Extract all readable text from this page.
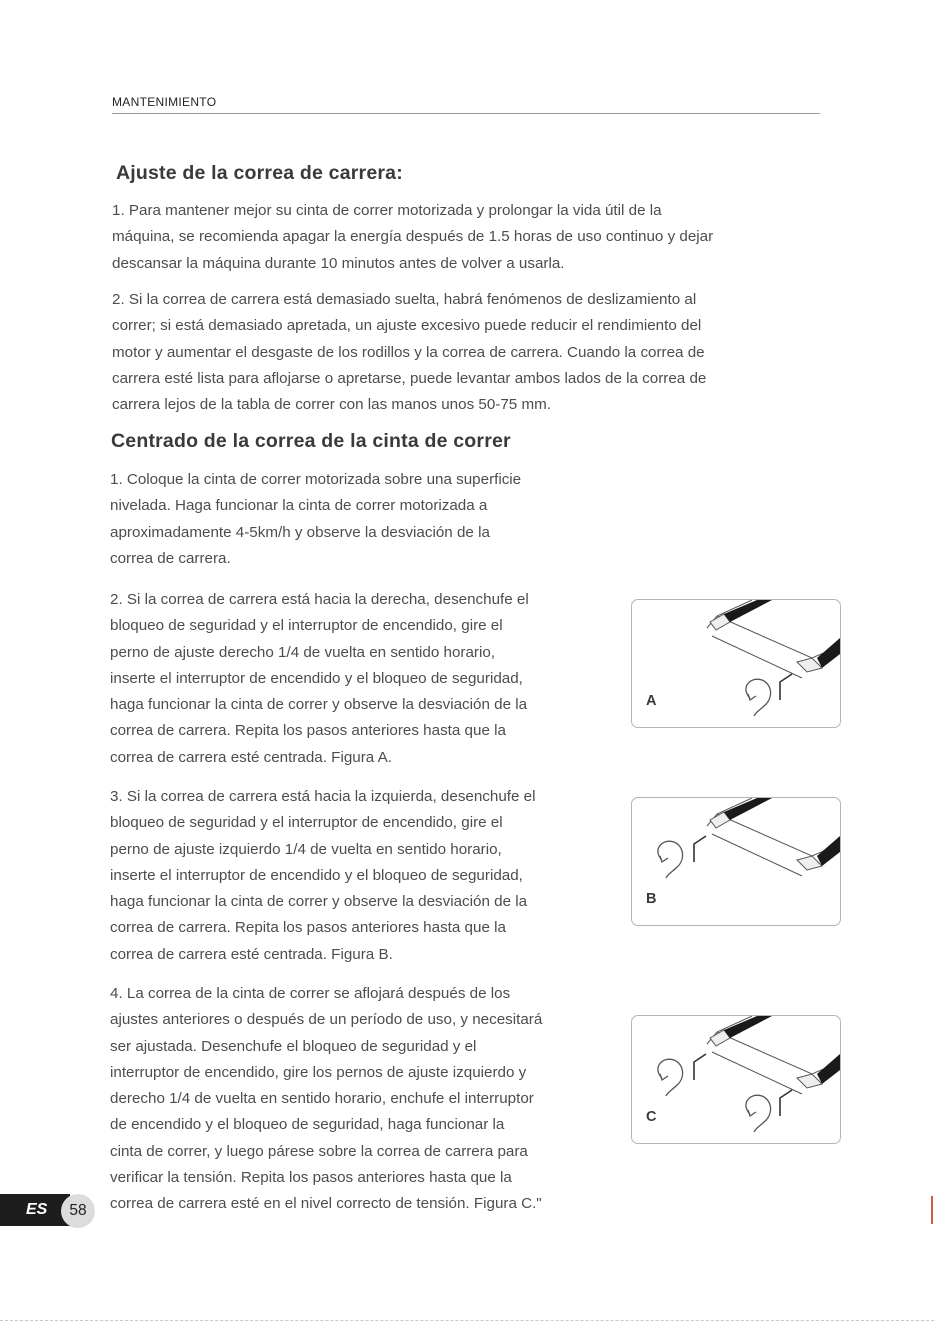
MANTENIMIENTO
Ajuste de la correa de carrera:

1. Para mantener mejor su cinta de correr motorizada y prolongar la vida útil de la
máquina, se recomienda apagar la energía después de 1.5 horas de uso continuo y dejar
descansar la máquina durante 10 minutos antes de volver a usarla.

2. Si la correa de carrera está demasiado suelta, habrá fenómenos de deslizamiento al
correr; si está demasiado apretada, un ajuste excesivo puede reducir el rendimiento del
motor y aumentar el desgaste de los rodillos y la correa de carrera. Cuando la correa de
carrera esté lista para aflojarse o apretarse, puede levantar ambos lados de la correa de
carrera lejos de la tabla de correr con las manos unos 50-75 mm.

Centrado de la correa de la cinta de correr

1. Coloque la cinta de correr motorizada sobre una superficie
nivelada. Haga funcionar la cinta de correr motorizada a
aproximadamente 4-5km/h y observe la desviación de la
correa de carrera.

2. Si la correa de carrera está hacia la derecha, desenchufe el
bloqueo de seguridad y el interruptor de encendido, gire el
perno de ajuste derecho 1/4 de vuelta en sentido horario,
inserte el interruptor de encendido y el bloqueo de seguridad,
haga funcionar la cinta de correr y observe la desviación de la
correa de carrera. Repita los pasos anteriores hasta que la
correa de carrera esté centrada. Figura A.

3. Si la correa de carrera está hacia la izquierda, desenchufe el
bloqueo de seguridad y el interruptor de encendido, gire el
perno de ajuste izquierdo 1/4 de vuelta en sentido horario,
inserte el interruptor de encendido y el bloqueo de seguridad,
haga funcionar la cinta de correr y observe la desviación de la
correa de carrera. Repita los pasos anteriores hasta que la
correa de carrera esté centrada. Figura B.

4. La correa de la cinta de correr se aflojará después de los
ajustes anteriores o después de un período de uso, y necesitará
ser ajustada. Desenchufe el bloqueo de seguridad y el
interruptor de encendido, gire los pernos de ajuste izquierdo y
derecho 1/4 de vuelta en sentido horario, enchufe el interruptor
de encendido y el bloqueo de seguridad, haga funcionar la
cinta de correr, y luego párese sobre la correa de carrera para
verificar la tensión. Repita los pasos anteriores hasta que la
correa de carrera esté en el nivel correcto de tensión. Figura C."

A
B
C
ES	58
